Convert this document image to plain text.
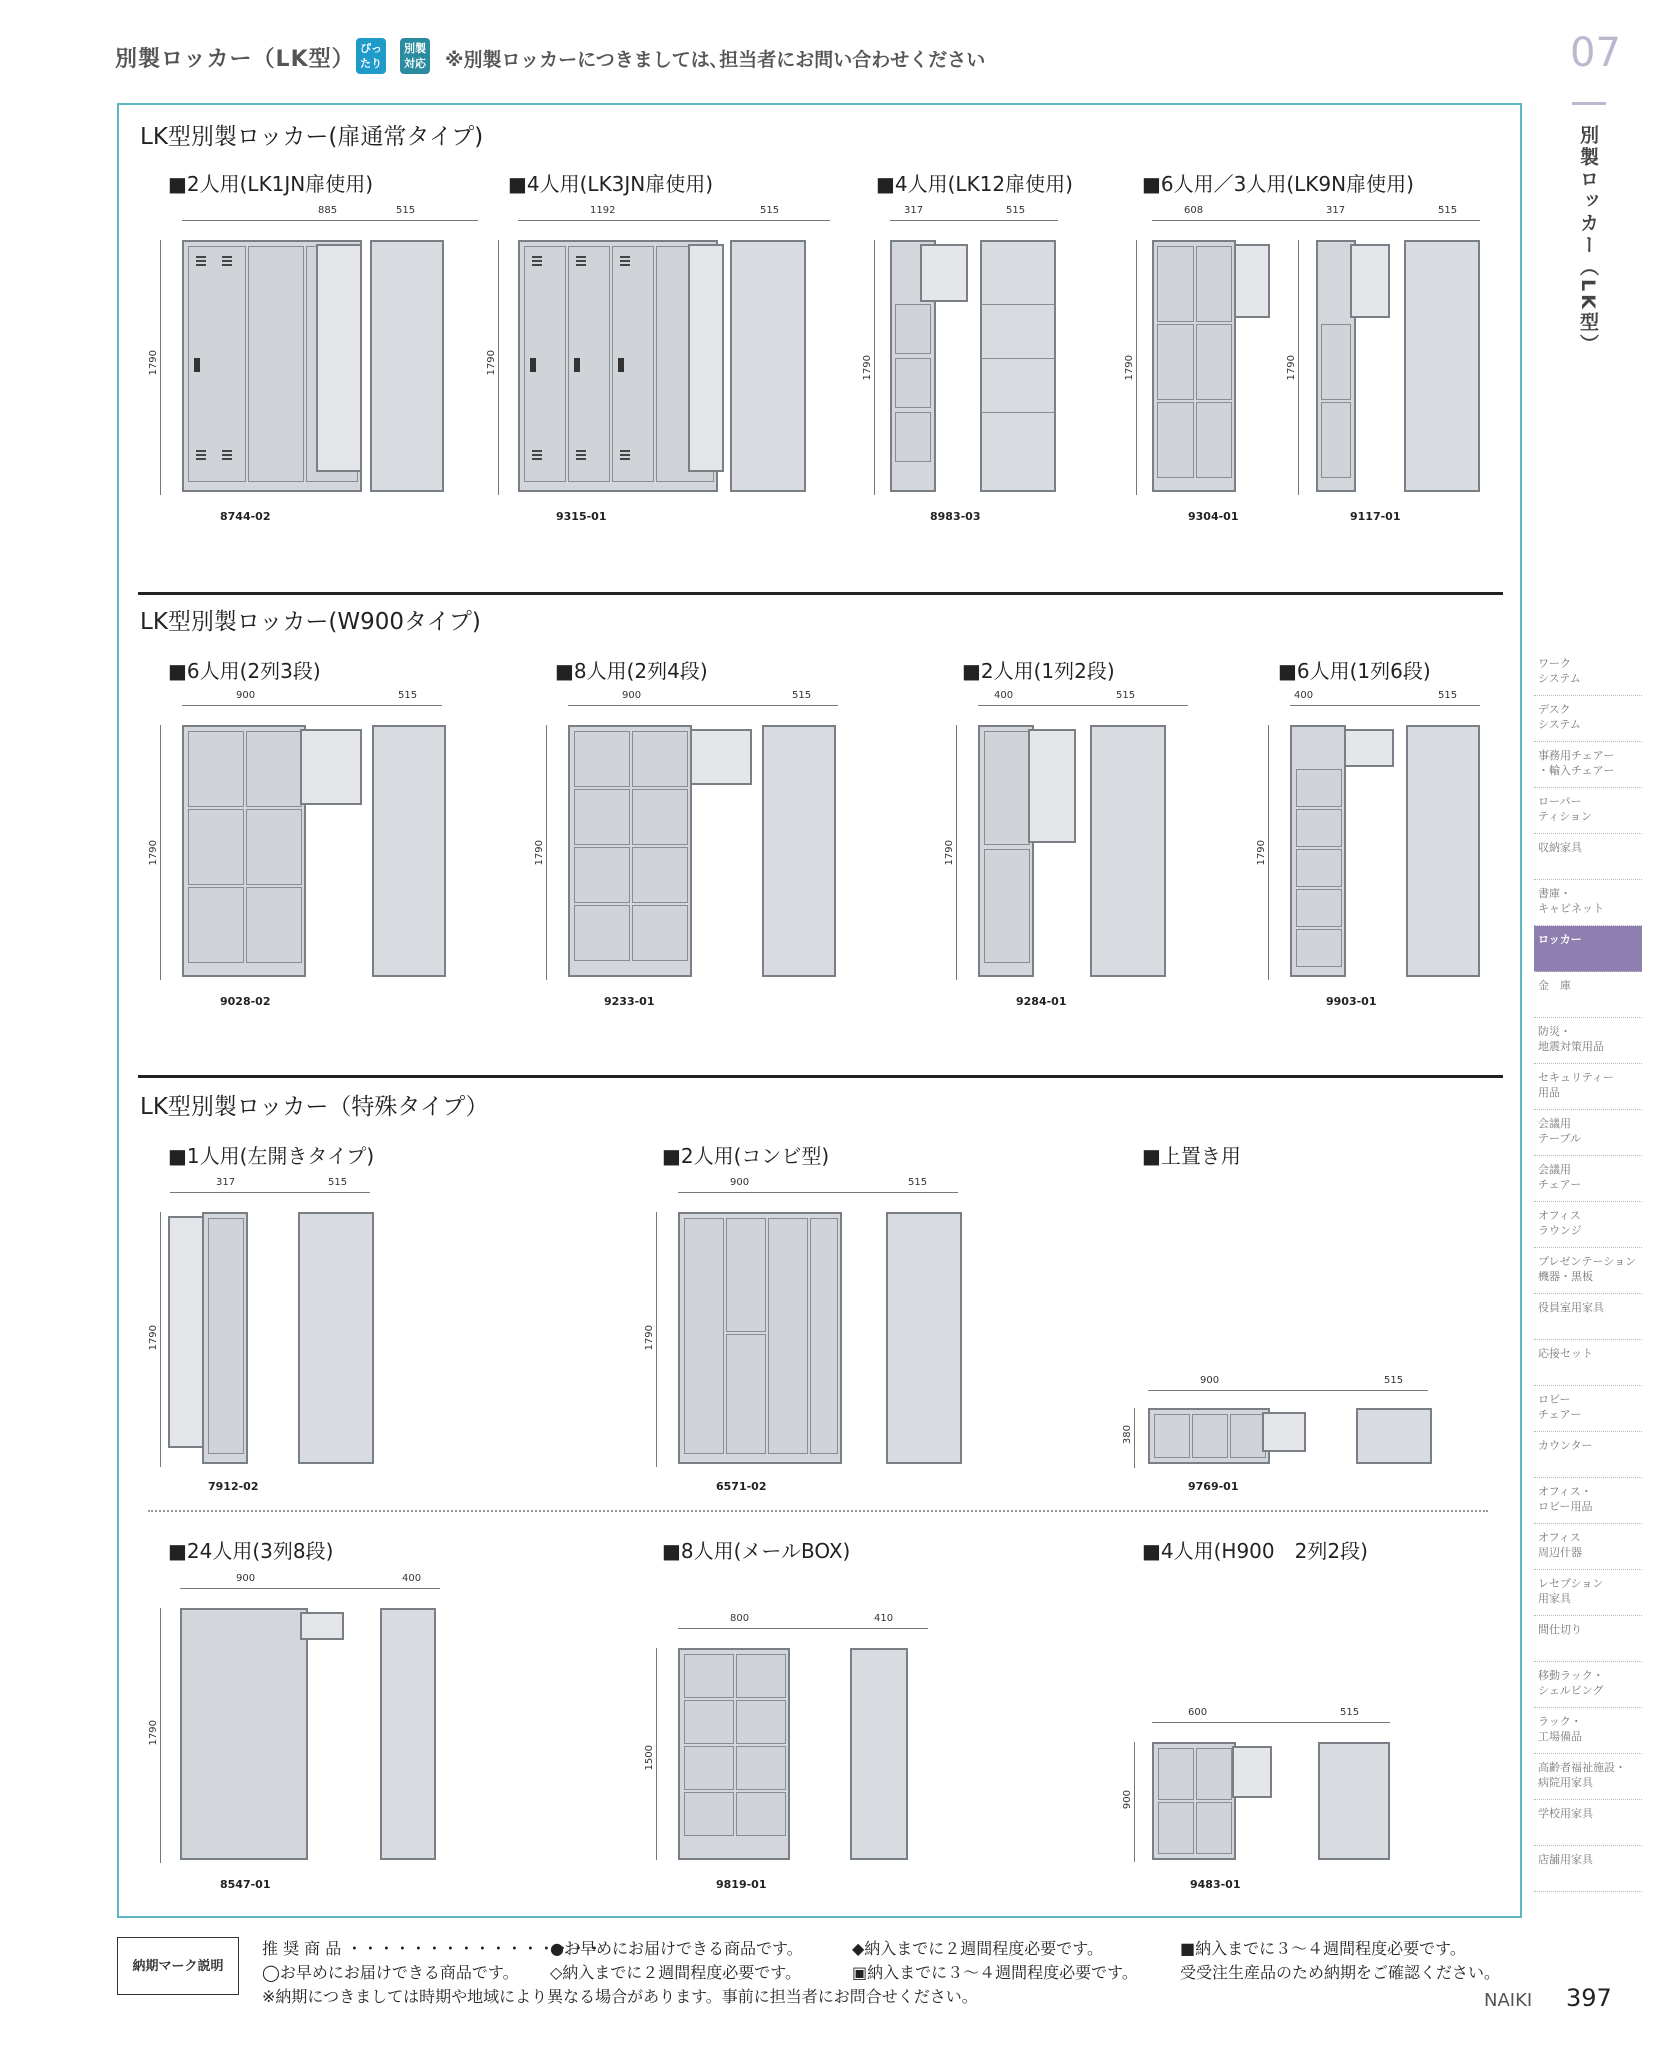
別製ロッカー（LK型） ぴったり
別製対応 ※別製ロッカーにつきましては､担当者にお問い合わせください	07
別製ロッカー（LK型）
LK型別製ロッカー(扉通常タイプ)
LK型別製ロッカー(W900タイプ)
LK型別製ロッカー（特殊タイプ）
■2人用(LK1JN扉使用)	■4人用(LK3JN扉使用)	■4人用(LK12扉使用)	■6人用／3人用(LK9N扉使用)
■6人用(2列3段)	■8人用(2列4段)	■2人用(1列2段)	■6人用(1列6段)
■1人用(左開きタイプ)	■2人用(コンビ型)	■上置き用
■24人用(3列8段)	■8人用(メールBOX)	■4人用(H900　2列2段)
885	515
1790
8744-02
1192	515
1790
9315-01
317	515
1790
8983-03
608	317	515
1790	1790
9304-01	9117-01
900	515
1790
9028-02
900	515
1790
9233-01
400	515
1790
9284-01
400	515
1790
9903-01
317	515
1790
7912-02
900	515
1790
6571-02
900	515
380
9769-01
900	400
1790
8547-01
800	410
1500
9819-01
600	515
900
9483-01
ワーク
システム
デスク
システム
事務用チェアー
・輸入チェアー
ローパー
ティション
収納家具
書庫・
キャビネット
ロッカー
金　庫
防災・
地震対策用品
セキュリティー
用品
会議用
テーブル
会議用
チェアー
オフィス
ラウンジ
プレゼンテーション
機器・黒板
役員室用家具
応接セット
ロビー
チェアー
カウンター
オフィス・
ロビー用品
オフィス
周辺什器
レセプション
用家具
間仕切り
移動ラック・
シェルビング
ラック・
工場備品
高齢者福祉施設・
病院用家具
学校用家具
店舗用家具
納期マーク説明
推 奨 商 品 ・・・・・・・・・・・・・・・・
●お早めにお届けできる商品です。	◆納入までに２週間程度必要です。	■納入までに３～４週間程度必要です。
◯お早めにお届けできる商品です。 ◇納入までに２週間程度必要です。	▣納入までに３～４週間程度必要です。	受受注生産品のため納期をご確認ください。
※納期につきましては時期や地域により異なる場合があります。事前に担当者にお問合せください。	NAIKI 397
